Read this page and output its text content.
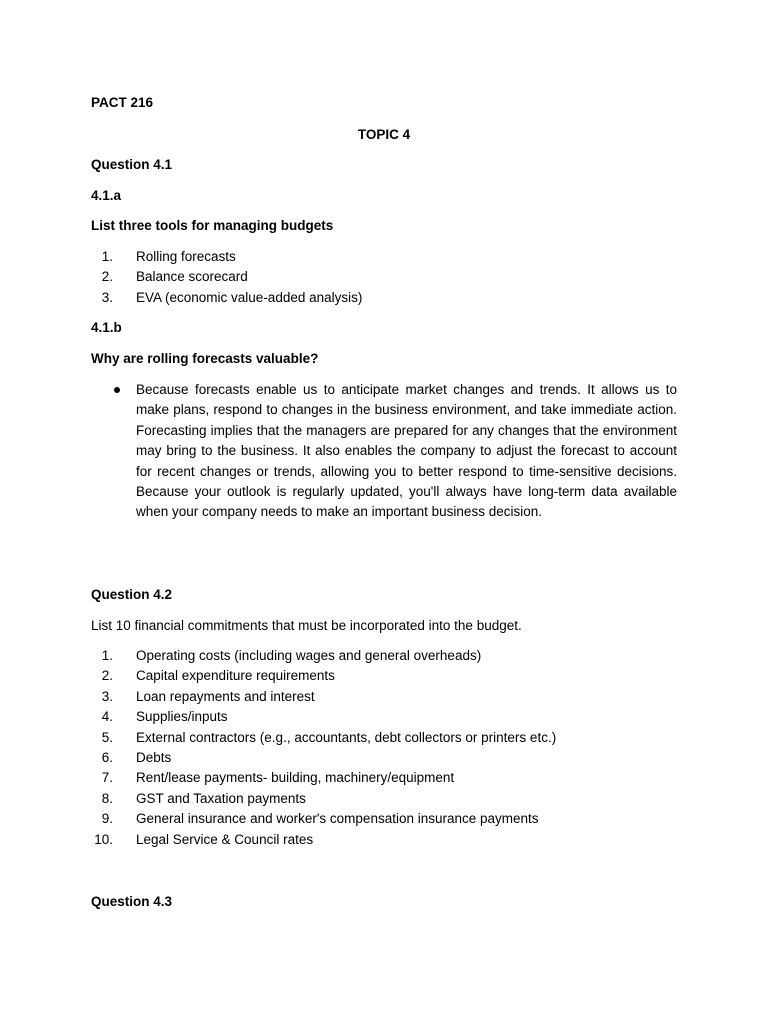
PACT 216
TOPIC 4
Question 4.1
4.1.a
List three tools for managing budgets
1. Rolling forecasts
2. Balance scorecard
3. EVA (economic value-added analysis)
4.1.b
Why are rolling forecasts valuable?
Because forecasts enable us to anticipate market changes and trends. It allows us to make plans, respond to changes in the business environment, and take immediate action. Forecasting implies that the managers are prepared for any changes that the environment may bring to the business. It also enables the company to adjust the forecast to account for recent changes or trends, allowing you to better respond to time-sensitive decisions. Because your outlook is regularly updated, you'll always have long-term data available when your company needs to make an important business decision.
Question 4.2
List 10 financial commitments that must be incorporated into the budget.
1. Operating costs (including wages and general overheads)
2. Capital expenditure requirements
3. Loan repayments and interest
4. Supplies/inputs
5. External contractors (e.g., accountants, debt collectors or printers etc.)
6. Debts
7. Rent/lease payments- building, machinery/equipment
8. GST and Taxation payments
9. General insurance and worker's compensation insurance payments
10. Legal Service & Council rates
Question 4.3
